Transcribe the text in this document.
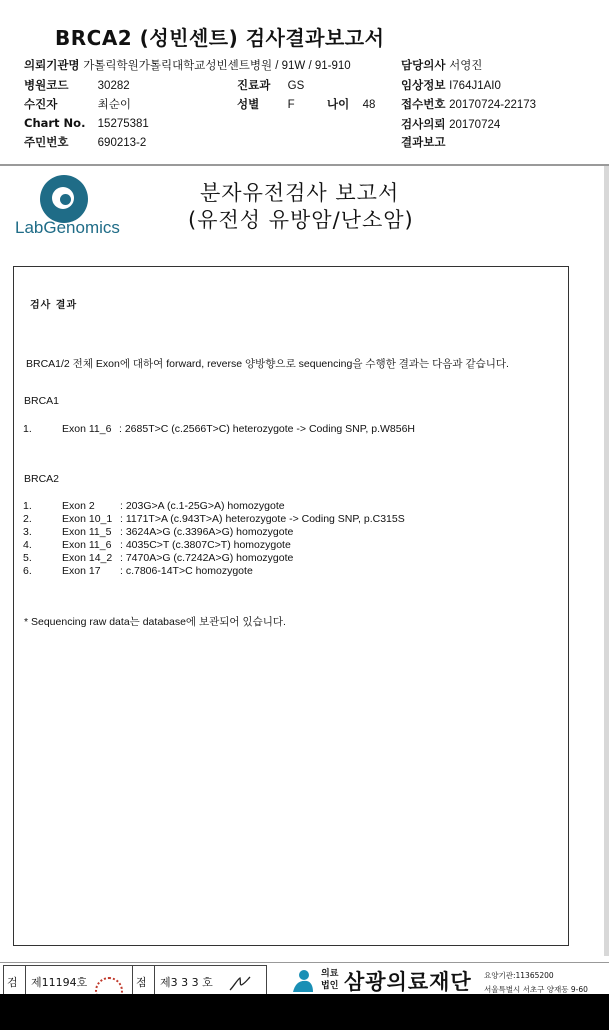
BRCA2 (성빈센트) 검사결과보고서
의뢰기관명 가톨릭학원가톨릭대학교성빈센트병원 / 91W / 91-910	담당의사 서영진
병원코드	30282	진료과 GS	임상정보 I764J1AI0
수진자	최순이	성별 F	나이 48 접수번호 20170724-22173
Chart No. 15275381	검사의뢰 20170724
주민번호	690213-2	결과보고
LabGenomics
분자유전검사 보고서
(유전성 유방암/난소암)
검사 결과
BRCA1/2 전체 Exon에 대하여 forward, reverse 양방향으로 sequencing을 수행한 결과는 다음과 같습니다.
BRCA1
1.	Exon 11_6 : 2685T>C (c.2566T>C) heterozygote -> Coding SNP, p.W856H
BRCA2
1.	Exon 2 : 203G>A (c.1-25G>A) homozygote
2.	Exon 10_1 : 1171T>A (c.943T>A) heterozygote -> Coding SNP, p.C315S
3.	Exon 11_5 : 3624A>G (c.3396A>G) homozygote
4.	Exon 11_6 : 4035C>T (c.3807C>T) homozygote
5.	Exon 14_2 : 7470A>G (c.7242A>G) homozygote
6.	Exon 17 : c.7806-14T>C homozygote
* Sequencing raw data는 database에 보관되어 있습니다.
검 제11194호	점 제3 3 3 호
의료
법인 삼광의료재단 요양기관:11365200
서울특별시 서초구 양재동 9-60
